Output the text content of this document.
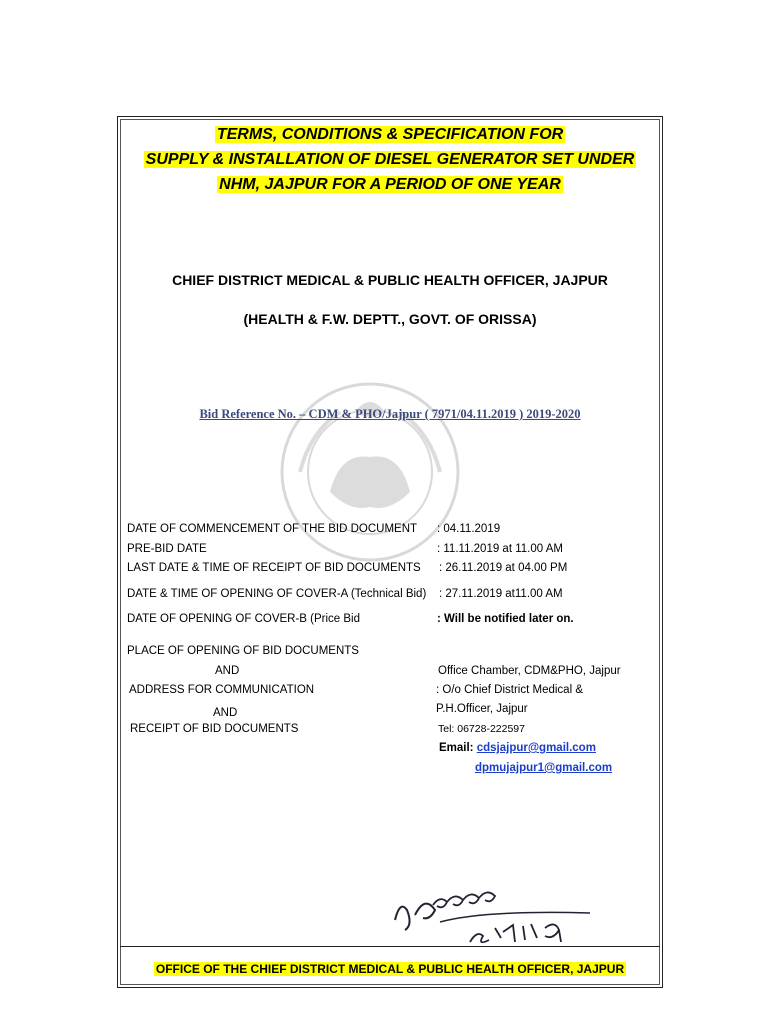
TERMS, CONDITIONS & SPECIFICATION FOR
SUPPLY & INSTALLATION OF DIESEL GENERATOR SET UNDER
NHM, JAJPUR FOR A PERIOD OF ONE YEAR
CHIEF DISTRICT MEDICAL & PUBLIC HEALTH OFFICER, JAJPUR
(HEALTH & F.W. DEPTT., GOVT. OF ORISSA)
Bid Reference No. – CDM & PHO/Jajpur ( 7971/04.11.2019 ) 2019-2020
DATE OF COMMENCEMENT OF THE BID DOCUMENT : 04.11.2019
PRE-BID DATE	: 11.11.2019 at 11.00 AM
LAST DATE & TIME OF RECEIPT OF BID DOCUMENTS : 26.11.2019 at 04.00 PM
DATE & TIME OF OPENING OF COVER-A (Technical Bid) : 27.11.2019 at11.00 AM
DATE OF OPENING OF COVER-B (Price Bid	: Will be notified later on.
PLACE OF OPENING OF BID DOCUMENTS
AND
ADDRESS FOR COMMUNICATION
AND
RECEIPT OF BID DOCUMENTS
Office Chamber, CDM&PHO, Jajpur
: O/o Chief District Medical &
P.H.Officer, Jajpur
Tel: 06728-222597
Email: cdsjajpur@gmail.com
dpmujajpur1@gmail.com
OFFICE OF THE CHIEF DISTRICT MEDICAL & PUBLIC HEALTH OFFICER, JAJPUR
